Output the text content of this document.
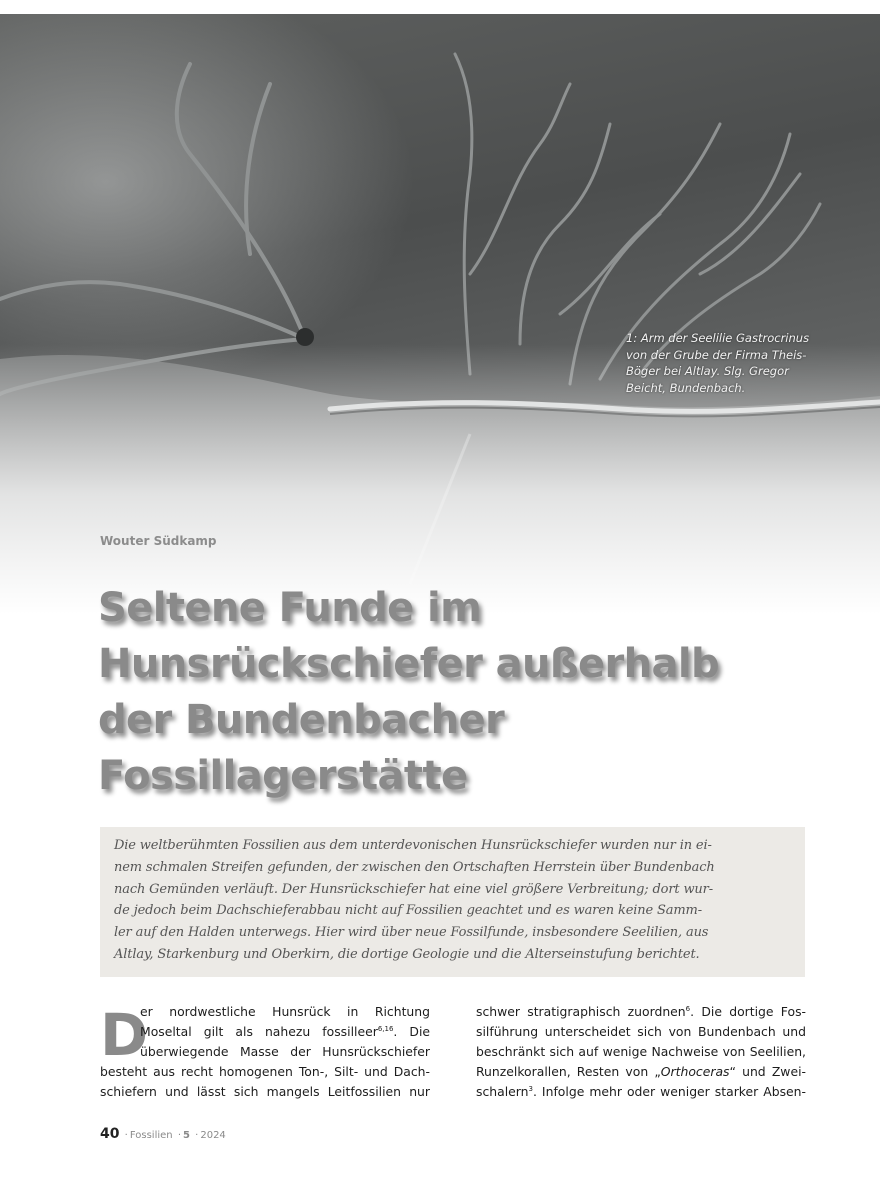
1: Arm der Seelilie Gastrocrinus
von der Grube der Firma Theis-
Böger bei Altlay. Slg. Gregor
Beicht, Bundenbach.
Wouter Südkamp
Seltene Funde im
Hunsrückschiefer außerhalb
der Bundenbacher
Fossillagerstätte
Die weltberühmten Fossilien aus dem unterdevonischen Hunsrückschiefer wurden nur in ei-
nem schmalen Streifen gefunden, der zwischen den Ortschaften Herrstein über Bundenbach
nach Gemünden verläuft. Der Hunsrückschiefer hat eine viel größere Verbreitung; dort wur-
de jedoch beim Dachschieferabbau nicht auf Fossilien geachtet und es waren keine Samm-
ler auf den Halden unterwegs. Hier wird über neue Fossilfunde, insbesondere Seelilien, aus
Altlay, Starkenburg und Oberkirn, die dortige Geologie und die Alterseinstufung berichtet.
D
er nordwestliche Hunsrück in Richtung
Moseltal gilt als nahezu fossilleer$^{6,16}$. Die
überwiegende Masse der Hunsrückschiefer
besteht aus recht homogenen Ton-, Silt- und Dach-
schiefern und lässt sich mangels Leitfossilien nur
schwer stratigraphisch zuordnen$^6$. Die dortige Fos-
silführung unterscheidet sich von Bundenbach und
beschränkt sich auf wenige Nachweise von Seelilien,
Runzelkorallen, Resten von „Orthoceras“ und Zwei-
schalern$^3$. Infolge mehr oder weniger starker Absen-
40 · Fossilien · 5 · 2024
